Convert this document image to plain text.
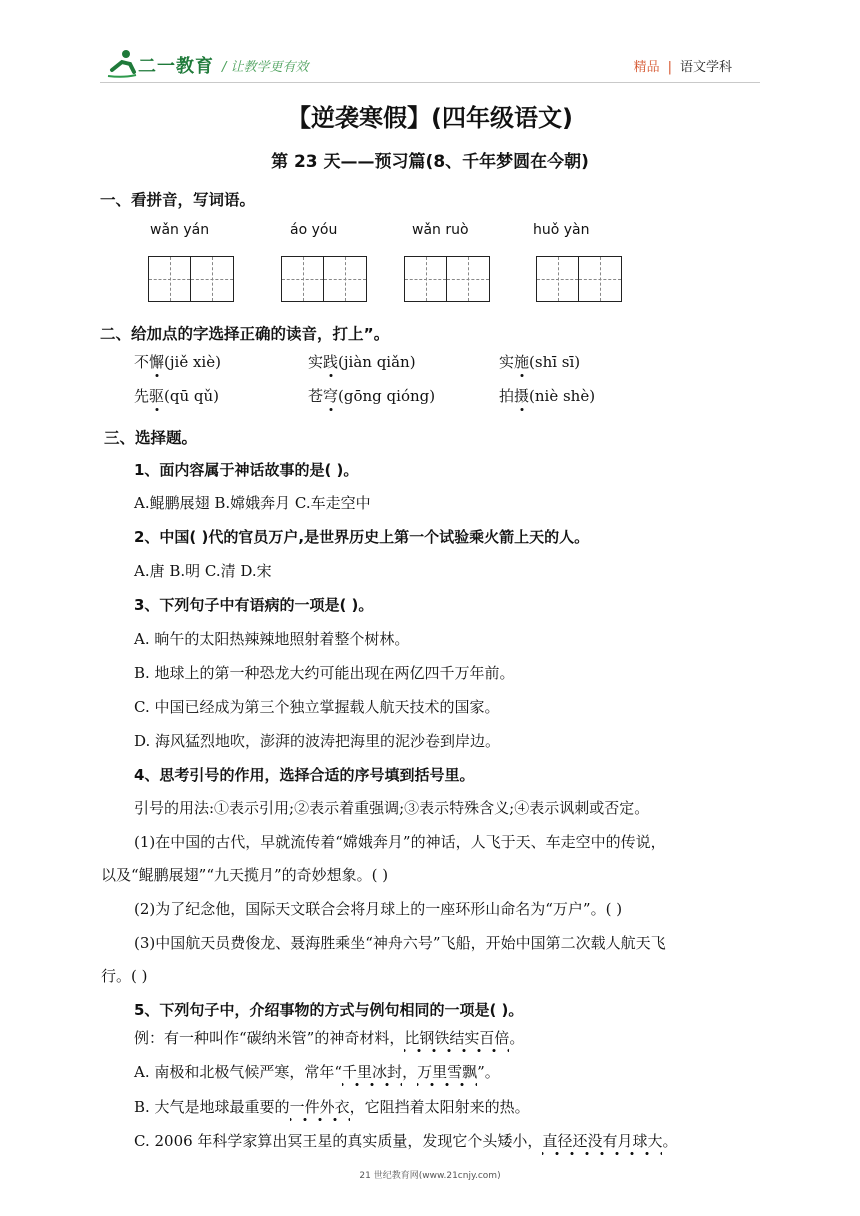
二一教育 / 让教学更有效	精品 | 语文学科
【逆袭寒假】(四年级语文)
第 23 天——预习篇(8、千年梦圆在今朝)
一、看拼音，写词语。
wǎn yán	áo yóu	wǎn ruò	huǒ yàn
二、给加点的字选择正确的读音，打上”。
不懈(jiě xiè)	实践(jiàn qiǎn)	实施(shī sī)
先驱(qū qǔ)	苍穹(gōng qióng)	拍摄(niè shè)
三、选择题。
1、面内容属于神话故事的是( )。
A.鲲鹏展翅 B.嫦娥奔月 C.车走空中
2、中国( )代的官员万户,是世界历史上第一个试验乘火箭上天的人。
A.唐 B.明 C.清 D.宋
3、下列句子中有语病的一项是( )。
A. 晌午的太阳热辣辣地照射着整个树林。
B. 地球上的第一种恐龙大约可能出现在两亿四千万年前。
C. 中国已经成为第三个独立掌握载人航天技术的国家。
D. 海风猛烈地吹，澎湃的波涛把海里的泥沙卷到岸边。
4、思考引号的作用，选择合适的序号填到括号里。
引号的用法:①表示引用;②表示着重强调;③表示特殊含义;④表示讽刺或否定。
(1)在中国的古代，早就流传着“嫦娥奔月”的神话，人飞于天、车走空中的传说，
以及“鲲鹏展翅”“九天揽月”的奇妙想象。( )
(2)为了纪念他，国际天文联合会将月球上的一座环形山命名为“万户”。( )
(3)中国航天员费俊龙、聂海胜乘坐“神舟六号”飞船，开始中国第二次载人航天飞
行。( )
5、下列句子中，介绍事物的方式与例句相同的一项是( )。
例：有一种叫作“碳纳米管”的神奇材料，比钢铁结实百倍。
A. 南极和北极气候严寒，常年“千里冰封，万里雪飘”。
B. 大气是地球最重要的一件外衣，它阻挡着太阳射来的热。
C. 2006 年科学家算出冥王星的真实质量，发现它个头矮小，直径还没有月球大。
21 世纪教育网(www.21cnjy.com)
